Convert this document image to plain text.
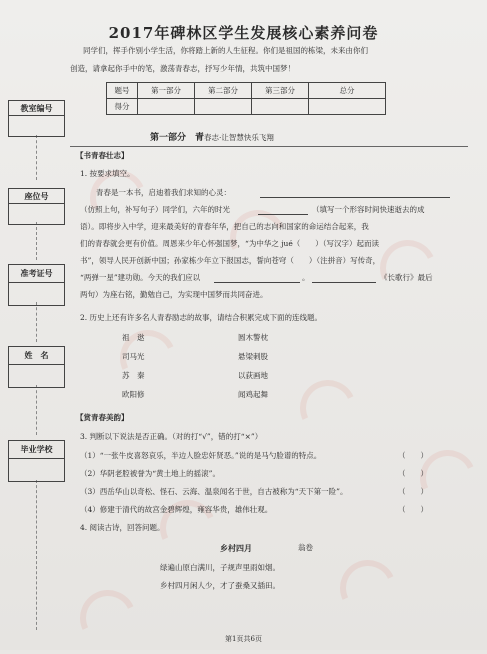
2017年碑林区学生发展核心素养问卷
同学们，挥手作别小学生活，你将踏上新的人生征程。你们是祖国的栋梁，未来由你们
创造，请拿起你手中的笔，激荡青春志，抒写少年情，共筑中国梦！
题号	第一部分	第二部分	第三部分	总分
得分				
教室编号
座位号
准考证号
姓　名
毕业学校
第一部分　青春志·让智慧快乐飞翔
【书青春壮志】
1. 按要求填空。
青春是一本书，启迪着我们求知的心灵：
（仿照上句，补写句子）同学们，六年的时光	（填写一个形容时间快速逝去的成
语）。即将步入中学，迎来最美好的青春年华，把自己的志向和国家的命运结合起来，我
们的青春就会更有价值。周恩来少年心怀强国梦，“为中华之 jué（　　）（写汉字）起而读
书”，领导人民开创新中国；孙家栋少年立下报国志，誓向苍穹（　　）（注拼音）写传奇，
“两弹一星”建功勋。今天的我们应以	。	《长歌行》最后
两句）为座右铭，勤勉自己，为实现中国梦而共同奋进。
2. 历史上还有许多名人青春励志的故事，请结合积累完成下面的连线题。
祖　逖
司马光
苏　秦
欧阳修
圆木警枕
悬梁刺股
以荻画地
闻鸡起舞
【赏青春美韵】
3. 判断以下说法是否正确。（对的打“√”，错的打“×”）
（1）“一张牛皮喜怒哀乐，半边人脸忠奸贤恶。”说的是马勺脸谱的特点。	（　　）
（2）华阴老腔被誉为“黄土地上的摇滚”。	（　　）
（3）西岳华山以奇松、怪石、云海、温泉闻名于世，自古被称为“天下第一险”。	（　　）
（4）修建于清代的故宫金碧辉煌，雍容华贵，雄伟壮观。	（　　）
4. 阅读古诗，回答问题。
乡村四月	翁卷
绿遍山原白满川，子规声里雨如烟。
乡村四月闲人少，才了蚕桑又插田。
第1页共6页
